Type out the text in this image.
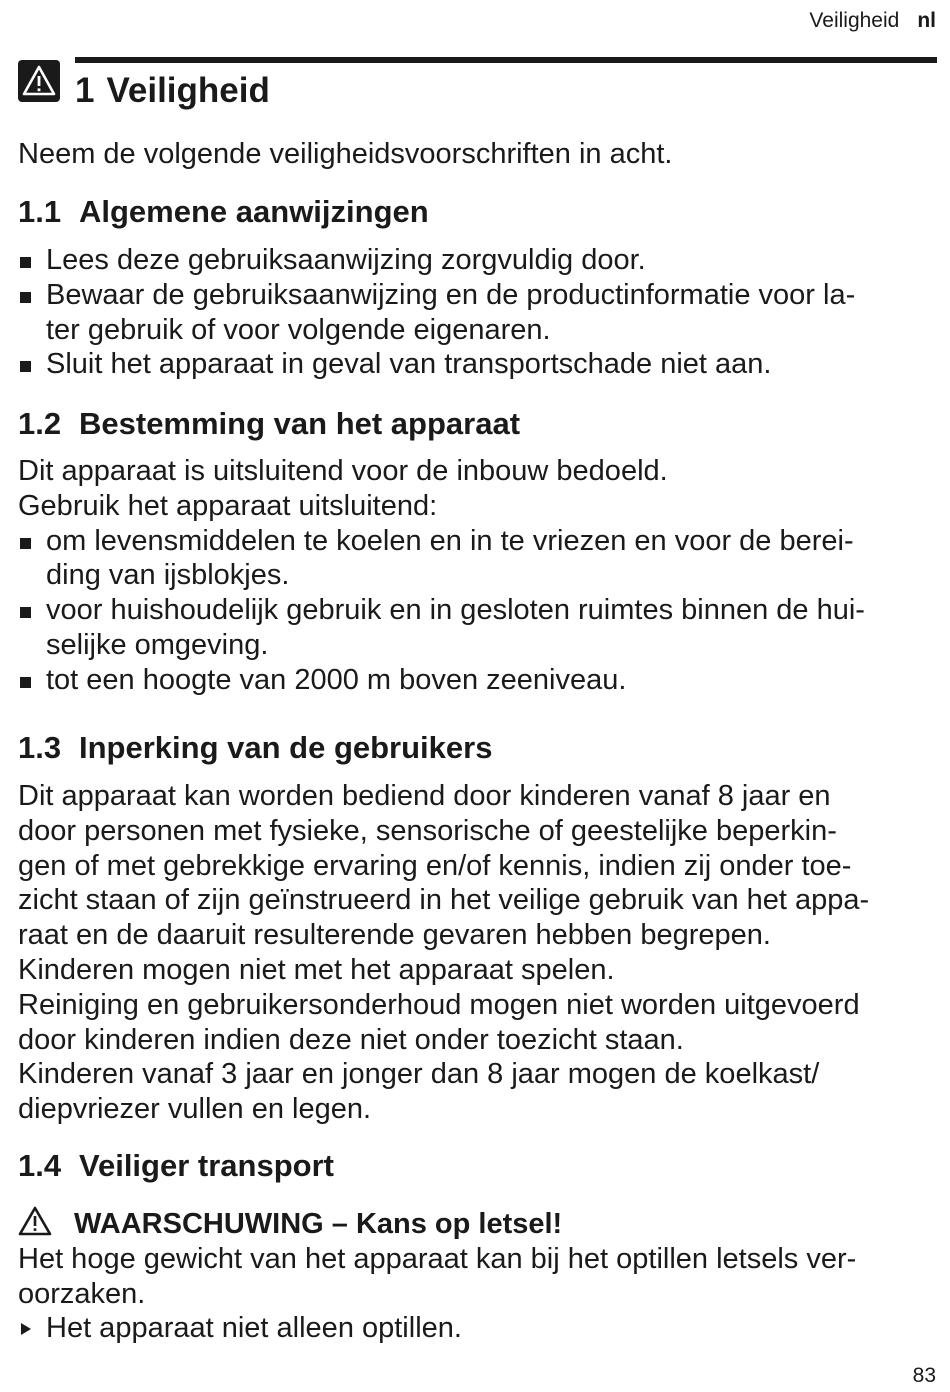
Veiligheid nl
1 Veiligheid

Neem de volgende veiligheidsvoorschriften in acht.

1.1 Algemene aanwijzingen
Lees deze gebruiksaanwijzing zorgvuldig door.
Bewaar de gebruiksaanwijzing en de productinformatie voor la-
ter gebruik of voor volgende eigenaren.
Sluit het apparaat in geval van transportschade niet aan.
1.2 Bestemming van het apparaat

Dit apparaat is uitsluitend voor de inbouw bedoeld.

Gebruik het apparaat uitsluitend:

om levensmiddelen te koelen en in te vriezen en voor de berei-
ding van ijsblokjes.
voor huishoudelijk gebruik en in gesloten ruimtes binnen de hui-
selijke omgeving.
tot een hoogte van 2000 m boven zeeniveau.
1.3 Inperking van de gebruikers

Dit apparaat kan worden bediend door kinderen vanaf 8 jaar en

door personen met fysieke, sensorische of geestelijke beperkin-

gen of met gebrekkige ervaring en/of kennis, indien zij onder toe-

zicht staan of zijn geïnstrueerd in het veilige gebruik van het appa-

raat en de daaruit resulterende gevaren hebben begrepen.

Kinderen mogen niet met het apparaat spelen.

Reiniging en gebruikersonderhoud mogen niet worden uitgevoerd

door kinderen indien deze niet onder toezicht staan.

Kinderen vanaf 3 jaar en jonger dan 8 jaar mogen de koelkast/

diepvriezer vullen en legen.

1.4 Veiliger transport
WAARSCHUWING – Kans op letsel!

Het hoge gewicht van het apparaat kan bij het optillen letsels ver-

oorzaken.

Het apparaat niet alleen optillen.
83
